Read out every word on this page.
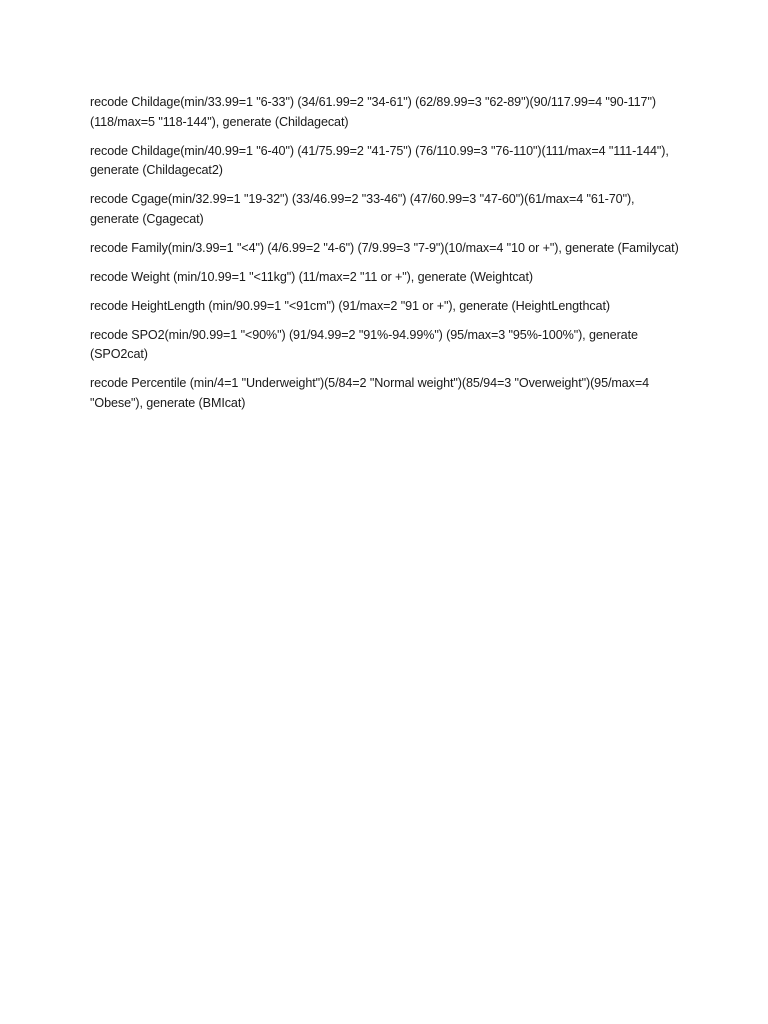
recode Childage(min/33.99=1 "6-33") (34/61.99=2 "34-61") (62/89.99=3 "62-89")(90/117.99=4 "90-117")(118/max=5 "118-144"), generate (Childagecat)

recode Childage(min/40.99=1 "6-40") (41/75.99=2 "41-75") (76/110.99=3 "76-110")(111/max=4 "111-144"), generate (Childagecat2)

recode Cgage(min/32.99=1 "19-32") (33/46.99=2 "33-46") (47/60.99=3 "47-60")(61/max=4 "61-70"), generate (Cgagecat)

recode Family(min/3.99=1 "<4") (4/6.99=2 "4-6") (7/9.99=3 "7-9")(10/max=4 "10 or +"), generate (Familycat)

recode Weight (min/10.99=1 "<11kg") (11/max=2 "11 or +"), generate (Weightcat)

recode HeightLength (min/90.99=1 "<91cm") (91/max=2 "91 or +"), generate (HeightLengthcat)

recode SPO2(min/90.99=1 "<90%") (91/94.99=2 "91%-94.99%") (95/max=3 "95%-100%"), generate (SPO2cat)

recode Percentile (min/4=1 "Underweight")(5/84=2 "Normal weight")(85/94=3 "Overweight")(95/max=4 "Obese"), generate (BMIcat)
